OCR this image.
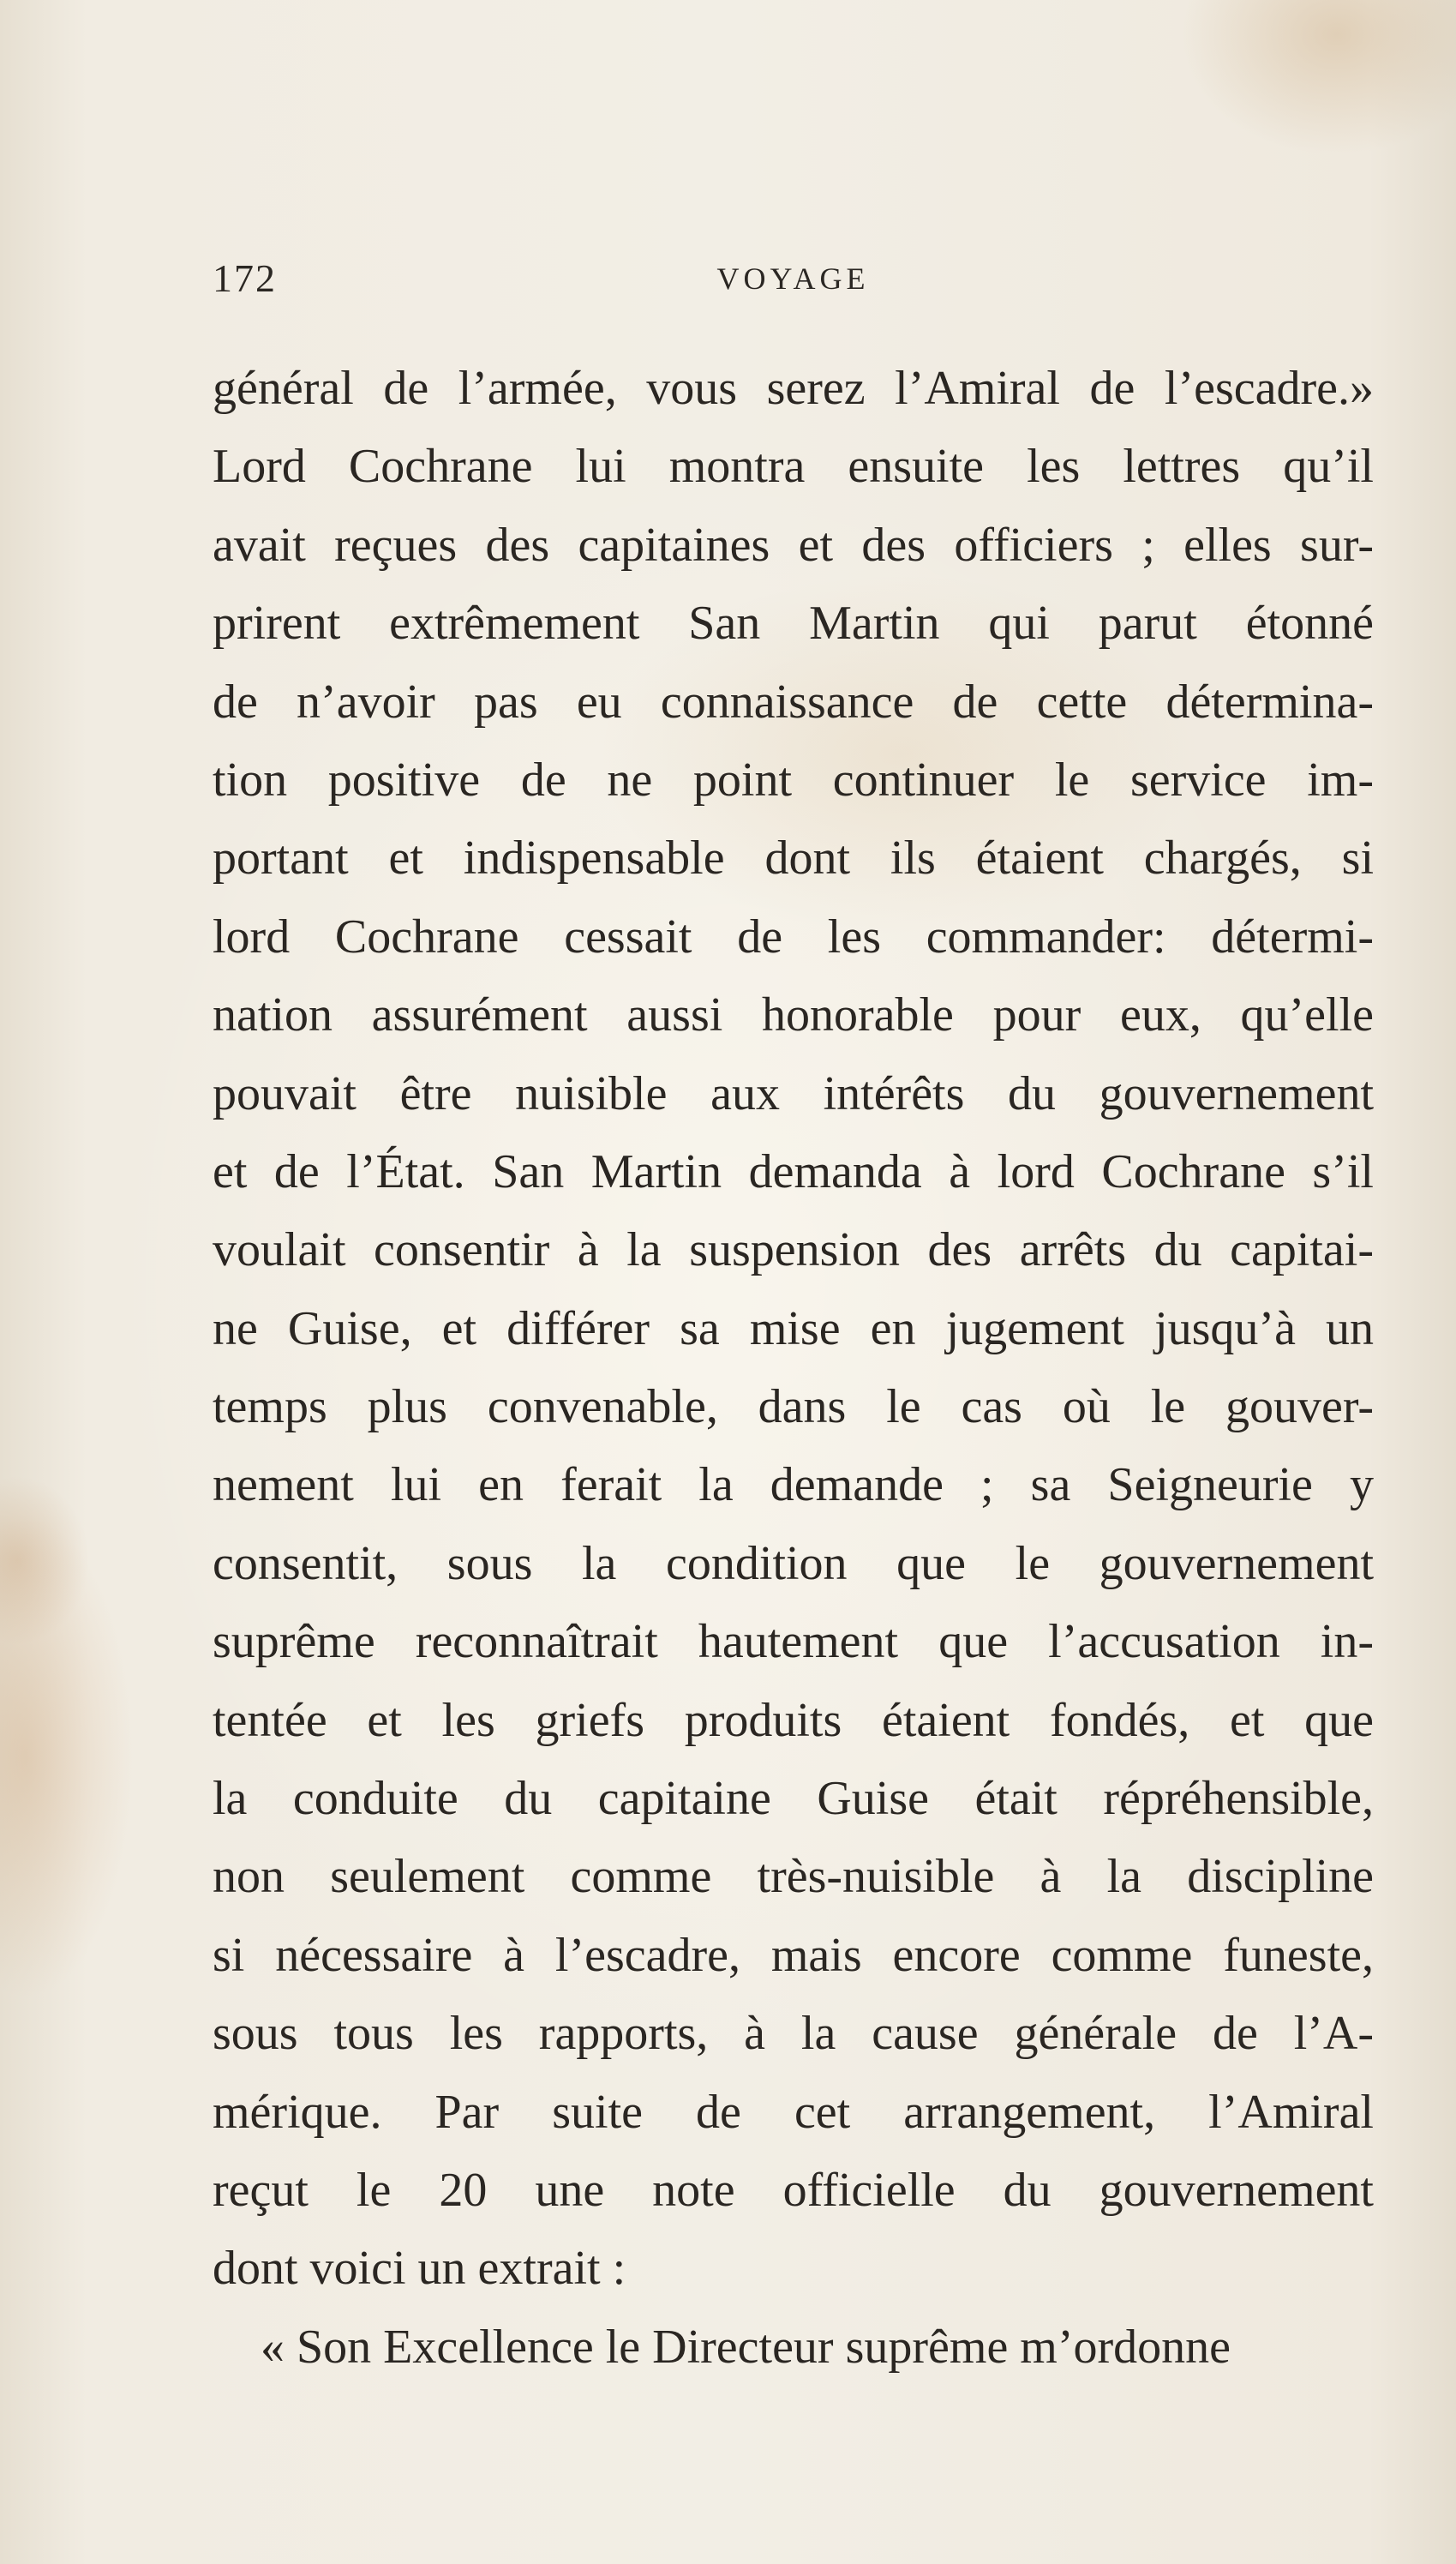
172	VOYAGE
général de l’armée, vous serez l’Amiral de l’escadre.»
Lord Cochrane lui montra ensuite les lettres qu’il
avait reçues des capitaines et des officiers ; elles sur-
prirent extrêmement San Martin qui parut étonné
de n’avoir pas eu connaissance de cette détermina-
tion positive de ne point continuer le service im-
portant et indispensable dont ils étaient chargés, si
lord Cochrane cessait de les commander: détermi-
nation assurément aussi honorable pour eux, qu’elle
pouvait être nuisible aux intérêts du gouvernement
et de l’État. San Martin demanda à lord Cochrane s’il
voulait consentir à la suspension des arrêts du capitai-
ne Guise, et différer sa mise en jugement jusqu’à un
temps plus convenable, dans le cas où le gouver-
nement lui en ferait la demande ; sa Seigneurie y
consentit, sous la condition que le gouvernement
suprême reconnaîtrait hautement que l’accusation in-
tentée et les griefs produits étaient fondés, et que
la conduite du capitaine Guise était répréhensible,
non seulement comme très-nuisible à la discipline
si nécessaire à l’escadre, mais encore comme funeste,
sous tous les rapports, à la cause générale de l’A-
mérique. Par suite de cet arrangement, l’Amiral
reçut le 20 une note officielle du gouvernement
dont voici un extrait :
« Son Excellence le Directeur suprême m’ordonne
